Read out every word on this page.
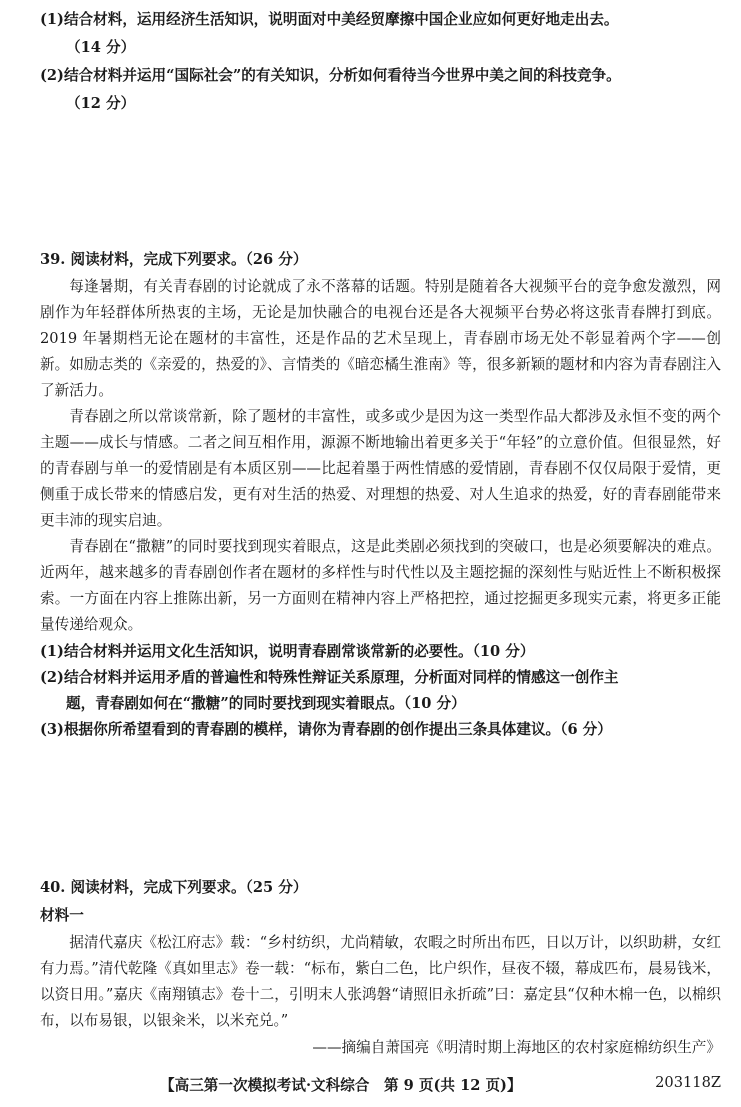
(1)结合材料，运用经济生活知识，说明面对中美经贸摩擦中国企业应如何更好地走出去。
（14 分）
(2)结合材料并运用“国际社会”的有关知识，分析如何看待当今世界中美之间的科技竞争。
（12 分）
39. 阅读材料，完成下列要求。（26 分）
每逢暑期，有关青春剧的讨论就成了永不落幕的话题。特别是随着各大视频平台的竞争愈发激烈，网剧作为年轻群体所热衷的主场，无论是加快融合的电视台还是各大视频平台势必将这张青春牌打到底。2019 年暑期档无论在题材的丰富性，还是作品的艺术呈现上，青春剧市场无处不彰显着两个字——创新。如励志类的《亲爱的，热爱的》、言情类的《暗恋橘生淮南》等，很多新颖的题材和内容为青春剧注入了新活力。
青春剧之所以常谈常新，除了题材的丰富性，或多或少是因为这一类型作品大都涉及永恒不变的两个主题——成长与情感。二者之间互相作用，源源不断地输出着更多关于“年轻”的立意价值。但很显然，好的青春剧与单一的爱情剧是有本质区别——比起着墨于两性情感的爱情剧，青春剧不仅仅局限于爱情，更侧重于成长带来的情感启发，更有对生活的热爱、对理想的热爱、对人生追求的热爱，好的青春剧能带来更丰沛的现实启迪。
青春剧在“撒糖”的同时要找到现实着眼点，这是此类剧必须找到的突破口，也是必须要解决的难点。近两年，越来越多的青春剧创作者在题材的多样性与时代性以及主题挖掘的深刻性与贴近性上不断积极探索。一方面在内容上推陈出新，另一方面则在精神内容上严格把控，通过挖掘更多现实元素，将更多正能量传递给观众。
(1)结合材料并运用文化生活知识，说明青春剧常谈常新的必要性。（10 分）
(2)结合材料并运用矛盾的普遍性和特殊性辩证关系原理，分析面对同样的情感这一创作主
题，青春剧如何在“撒糖”的同时要找到现实着眼点。（10 分）
(3)根据你所希望看到的青春剧的模样，请你为青春剧的创作提出三条具体建议。（6 分）
40. 阅读材料，完成下列要求。（25 分）
材料一
据清代嘉庆《松江府志》载：“乡村纺织，尤尚精敏，农暇之时所出布匹，日以万计，以织助耕，女红有力焉。”清代乾隆《真如里志》卷一载：“标布，紫白二色，比户织作，昼夜不辍，幕成匹布，晨易钱米，以资日用。”嘉庆《南翔镇志》卷十二，引明末人张鸿磐“请照旧永折疏”曰：嘉定县“仅种木棉一色，以棉织布，以布易银，以银籴米，以米充兑。”
——摘编自萧国亮《明清时期上海地区的农村家庭棉纺织生产》
【高三第一次模拟考试·文科综合　第 9 页(共 12 页)】	203118Z
